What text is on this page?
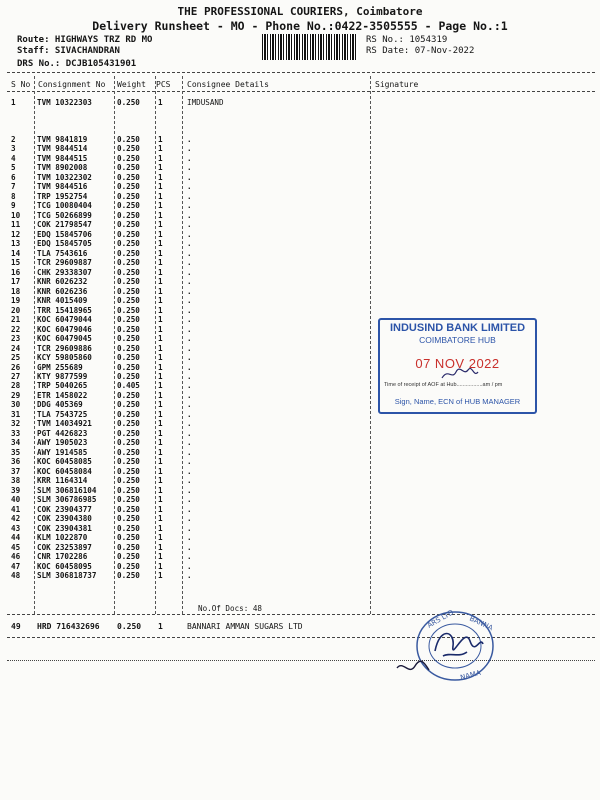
THE PROFESSIONAL COURIERS, Coimbatore
Delivery Runsheet - MO - Phone No.:0422-3505555 - Page No.:1
Route: HIGHWAYS TRZ RD MO
Staff: SIVACHANDRAN
DRS No.: DCJB105431901
RS No.: 1054319
RS Date: 07-Nov-2022
S No Consignment No Weight PCS Consignee Details	Signature
1	TVM 10322303	0.250 1	IMDUSAND
2	TVM 9841819	0.250 1	.
3	TVM 9844514	0.250 1	.
4	TVM 9844515	0.250 1	.
5	TVM 8902008	0.250 1	.
6	TVM 10322302	0.250 1	.
7	TVM 9844516	0.250 1	.
8	TRP 1952754	0.250 1	.
9	TCG 10080404	0.250 1	.
10 TCG 50266899	0.250 1	.
11 COK 21798547	0.250 1	.
12 EDQ 15845706	0.250 1	.
13 EDQ 15845705	0.250 1	.
14 TLA 7543616	0.250 1	.
15 TCR 29609887	0.250 1	.
16 CHK 29338307	0.250 1	.
17 KNR 6026232	0.250 1	.
18 KNR 6026236	0.250 1	.
19 KNR 4015409	0.250 1	.
20 TRR 15418965	0.250 1	.
21 KOC 60479044	0.250 1	.
22 KOC 60479046	0.250 1	.
23 KOC 60479045	0.250 1	.
24 TCR 29609886	0.250 1	.
25 KCY 59805860	0.250 1	.
26 GPM 255689	0.250 1	.
27 KTY 9877599	0.250 1	.
28 TRP 5040265	0.405 1	.
29 ETR 1458022	0.250 1	.
30 DDG 405369	0.250 1	.
31 TLA 7543725	0.250 1	.
32 TVM 14034921	0.250 1	.
33 PGT 4426823	0.250 1	.
34 AWY 1905023	0.250 1	.
35 AWY 1914585	0.250 1	.
36 KOC 60458085	0.250 1	.
37 KOC 60458084	0.250 1	.
38 KRR 1164314	0.250 1	.
39 SLM 306816104	0.250 1	.
40 SLM 306786985	0.250 1	.
41 COK 23904377	0.250 1	.
42 COK 23904380	0.250 1	.
43 COK 23904381	0.250 1	.
44 KLM 1022870	0.250 1	.
45 COK 23253897	0.250 1	.
46 CNR 1702286	0.250 1	.
47 KOC 60458095	0.250 1	.
48 SLM 306818737	0.250 1	.
No.Of Docs: 48
49 HRD 716432696 0.250 1	BANNARI AMMAN SUGARS LTD
INDUSIND BANK LIMITED
COIMBATORE HUB
07 NOV 2022
Time of receipt of AOF at Hub.................am / pm
Sign, Name, ECN of HUB MANAGER
ARS LTD BANNA
NAMA
